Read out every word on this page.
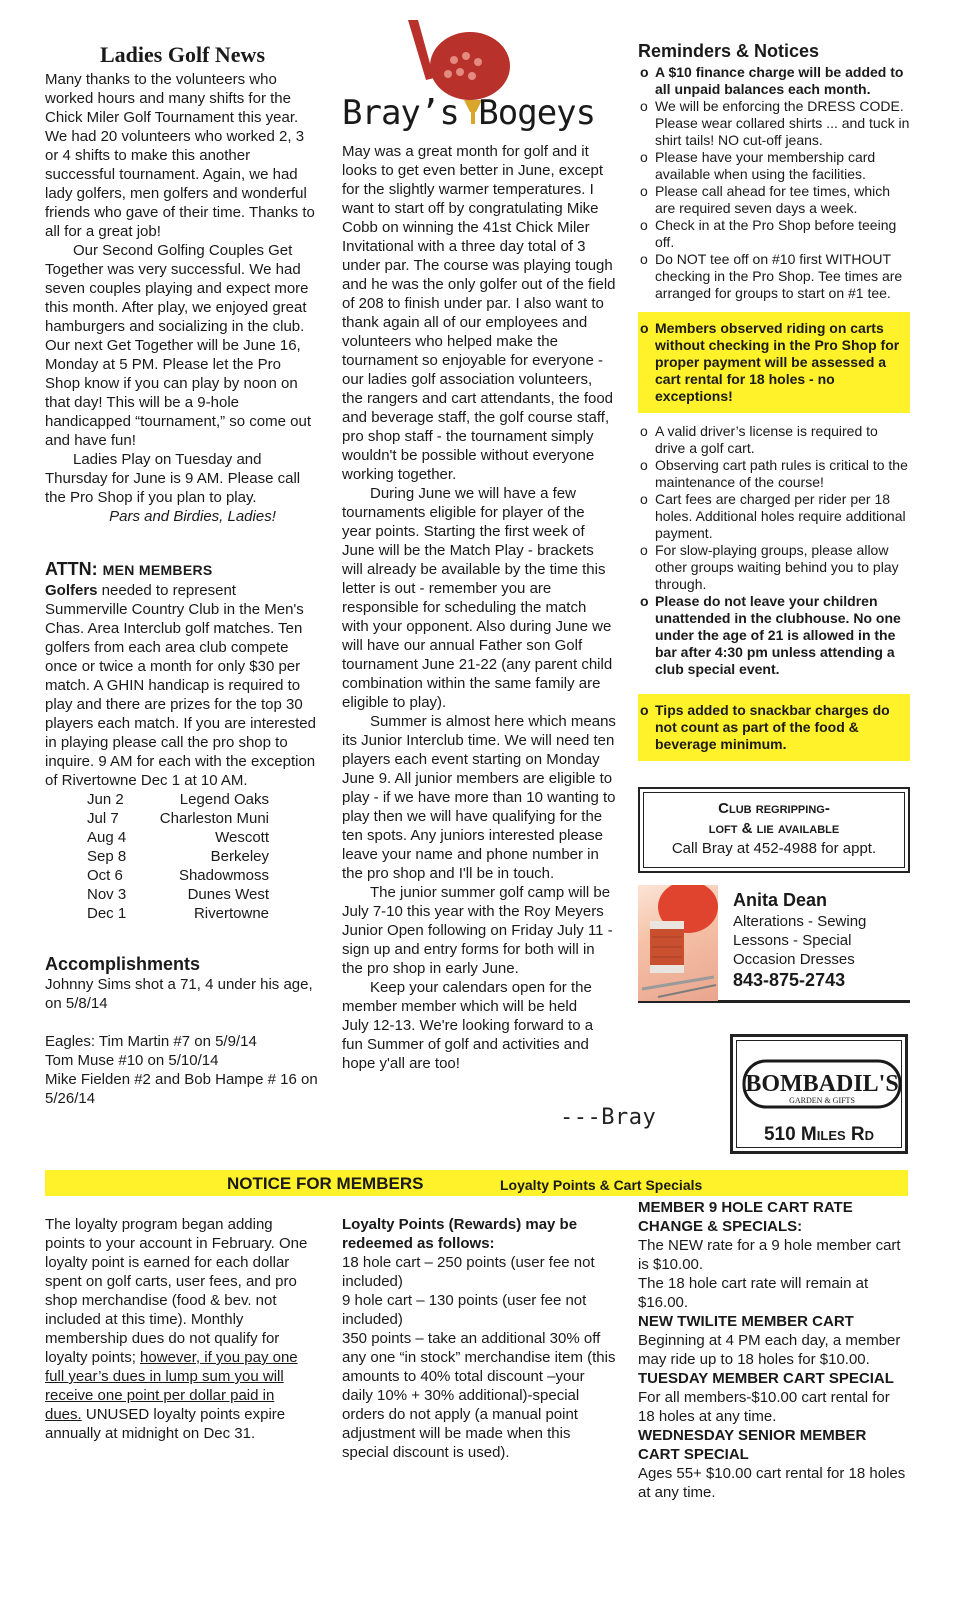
Ladies Golf News

Many thanks to the volunteers who worked hours and many shifts for the Chick Miler Golf Tournament this year. We had 20 volunteers who worked 2, 3 or 4 shifts to make this another successful tournament. Again, we had lady golfers, men golfers and wonderful friends who gave of their time. Thanks to all for a great job!

Our Second Golfing Couples Get Together was very successful. We had seven couples playing and expect more this month. After play, we enjoyed great hamburgers and socializing in the club. Our next Get Together will be June 16, Monday at 5 PM. Please let the Pro Shop know if you can play by noon on that day! This will be a 9-hole handicapped “tournament,” so come out and have fun!

Ladies Play on Tuesday and Thursday for June is 9 AM. Please call the Pro Shop if you plan to play.

Pars and Birdies, Ladies!

ATTN: MEN MEMBERS

Golfers needed to represent Summerville Country Club in the Men's Chas. Area Interclub golf matches. Ten golfers from each area club compete once or twice a month for only $30 per match. A GHIN handicap is required to play and there are prizes for the top 30 players each match. If you are interested in playing please call the pro shop to inquire. 9 AM for each with the exception of Rivertowne Dec 1 at 10 AM.

Jun 2	Legend Oaks
Jul 7	Charleston Muni
Aug 4	Wescott
Sep 8	Berkeley
Oct 6	Shadowmoss
Nov 3	Dunes West
Dec 1	Rivertowne
Accomplishments

Johnny Sims shot a 71, 4 under his age, on 5/8/14

Eagles: Tim Martin #7 on 5/9/14

Tom Muse #10 on 5/10/14

Mike Fielden #2 and Bob Hampe # 16 on 5/26/14

Bray’s Bogeys

May was a great month for golf and it looks to get even better in June, except for the slightly warmer temperatures. I want to start off by congratulating Mike Cobb on winning the 41st Chick Miler Invitational with a three day total of 3 under par. The course was playing tough and he was the only golfer out of the field of 208 to finish under par. I also want to thank again all of our employees and volunteers who helped make the tournament so enjoyable for everyone - our ladies golf association volunteers, the rangers and cart attendants, the food and beverage staff, the golf course staff, pro shop staff - the tournament simply wouldn't be possible without everyone working together.

During June we will have a few tournaments eligible for player of the year points. Starting the first week of June will be the Match Play - brackets will already be available by the time this letter is out - remember you are responsible for scheduling the match with your opponent. Also during June we will have our annual Father son Golf tournament June 21-22 (any parent child combination within the same family are eligible to play).

Summer is almost here which means its Junior Interclub time. We will need ten players each event starting on Monday June 9. All junior members are eligible to play - if we have more than 10 wanting to play then we will have qualifying for the ten spots. Any juniors interested please leave your name and phone number in the pro shop and I'll be in touch.

The junior summer golf camp will be July 7-10 this year with the Roy Meyers Junior Open following on Friday July 11 - sign up and entry forms for both will in the pro shop in early June.

Keep your calendars open for the member member which will be held July 12-13. We're looking forward to a fun Summer of golf and activities and hope y'all are too!

---Bray
Reminders & Notices
o A $10 finance charge will be added to all unpaid balances each month.
o We will be enforcing the DRESS CODE. Please wear collared shirts ... and tuck in shirt tails! NO cut-off jeans.
o Please have your membership card available when using the facilities.
o Please call ahead for tee times, which are required seven days a week.
o Check in at the Pro Shop before teeing off.
o Do NOT tee off on #10 first WITHOUT checking in the Pro Shop. Tee times are arranged for groups to start on #1 tee.
o Members observed riding on carts without checking in the Pro Shop for proper payment will be assessed a cart rental for 18 holes - no exceptions!
o A valid driver’s license is required to drive a golf cart.
o Observing cart path rules is critical to the maintenance of the course!
o Cart fees are charged per rider per 18 holes. Additional holes require additional payment.
o For slow-playing groups, please allow other groups waiting behind you to play through.
o Please do not leave your children unattended in the clubhouse. No one under the age of 21 is allowed in the bar after 4:30 pm unless attending a club special event.
o Tips added to snackbar charges do not count as part of the food & beverage minimum.
Club regripping-
loft & lie available
Call Bray at 452-4988 for appt.
Anita Dean
Alterations - Sewing
Lessons - Special
Occasion Dresses
843-875-2743
BOMBADIL'S
GARDEN & GIFTS
510 Miles Rd
NOTICE FOR MEMBERS	Loyalty Points & Cart Specials

The loyalty program began adding points to your account in February. One loyalty point is earned for each dollar spent on golf carts, user fees, and pro shop merchandise (food & bev. not included at this time). Monthly membership dues do not qualify for loyalty points; however, if you pay one full year’s dues in lump sum you will receive one point per dollar paid in dues. UNUSED loyalty points expire annually at midnight on Dec 31.

Loyalty Points (Rewards) may be redeemed as follows:

18 hole cart – 250 points (user fee not included)

9 hole cart – 130 points (user fee not included)

350 points – take an additional 30% off any one “in stock” merchandise item (this amounts to 40% total discount –your daily 10% + 30% additional)-special orders do not apply (a manual point adjustment will be made when this special discount is used).

MEMBER 9 HOLE CART RATE CHANGE & SPECIALS:

The NEW rate for a 9 hole member cart is $10.00.

The 18 hole cart rate will remain at $16.00.

NEW TWILITE MEMBER CART

Beginning at 4 PM each day, a member may ride up to 18 holes for $10.00.

TUESDAY MEMBER CART SPECIAL

For all members-$10.00 cart rental for 18 holes at any time.

WEDNESDAY SENIOR MEMBER CART SPECIAL

Ages 55+ $10.00 cart rental for 18 holes at any time.
